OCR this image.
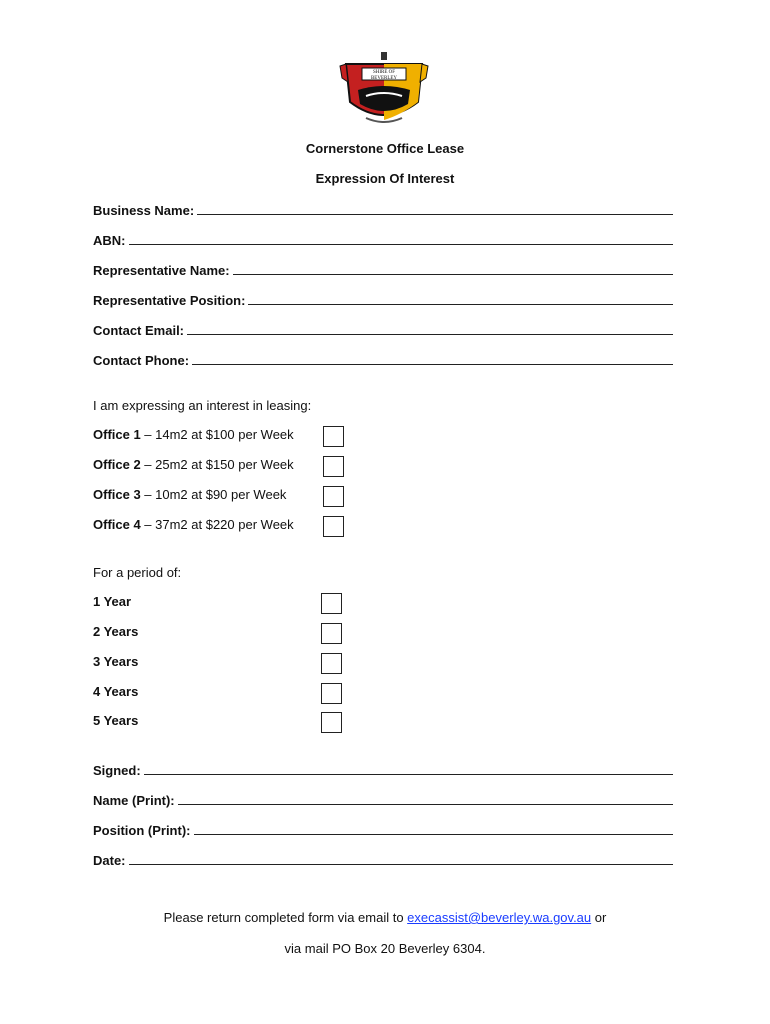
SHIRE OF
BEVERLEY
Cornerstone Office Lease
Expression Of Interest
Business Name:
ABN:
Representative Name:
Representative Position:
Contact Email:
Contact Phone:
I am expressing an interest in leasing:
Office 1 – 14m2 at $100 per Week
Office 2 – 25m2 at $150 per Week
Office 3 – 10m2 at $90 per Week
Office 4 – 37m2 at $220 per Week
For a period of:
1 Year
2 Years
3 Years
4 Years
5 Years
Signed:
Name (Print):
Position (Print):
Date:
Please return completed form via email to execassist@beverley.wa.gov.au or
via mail PO Box 20 Beverley 6304.
